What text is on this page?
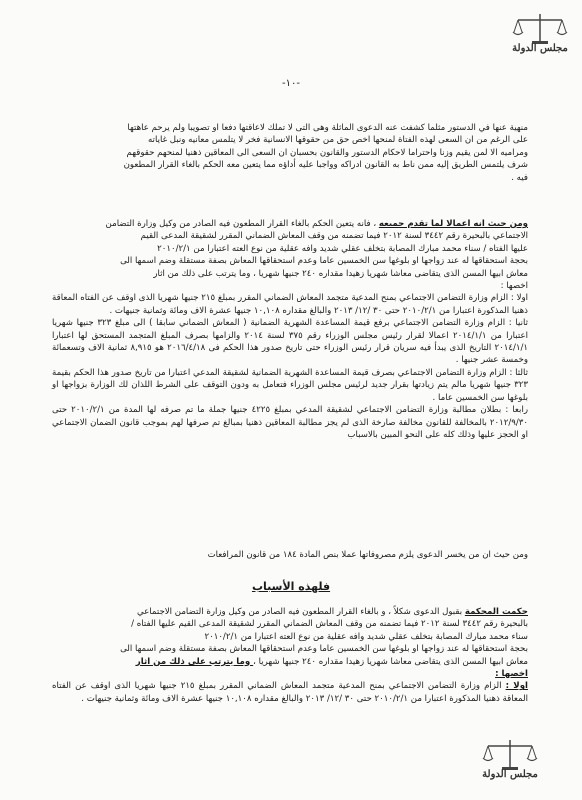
مجلس الدولة
-١٠-

منهية عنها في الدستور مثلما كشفت عنه الدعوى الماثلة وهى التى لا تملك لاعاقتها دفعا او تصويبا ولم يرحم عاهتها

على الرغم من ان السعى لهذه الفتاة لمنحها اخص حق من حقوقها الانسانية فخر لا يتلمس معانيه ونبل غاياته

ومراميه الا لمن يقيم وزنا واحتراما لاحكام الدستور والقانون بحسبان ان السعى الى المعاقين ذهنيا لمنحهم حقوقهم

شرف يلتمس الطريق إليه ممن ناط به القانون ادراكه وواجبا عليه أداؤه مما يتعين معه الحكم بالغاء القرار المطعون

فيه .

ومن حيث انه اعمالا لما تقدم جميعه ، فانه يتعين الحكم بالغاء القرار المطعون فيه الصادر من وكيل وزارة التضامن

الاجتماعي بالبحيرة رقم ٣٤٤٢ لسنة ٢٠١٢ فيما تضمنه من وقف المعاش الضماني المقرر لشقيقة المدعى القيم

عليها الفتاه / سناء محمد مبارك المصابة بتخلف عقلي شديد وافه عقلية من نوع العته اعتبارا من ٢٠١٠/٢/١

بحجة استحقاقها له عند زواجها او بلوغها سن الخمسين عاما وعدم استحقاقها المعاش بصفة مستقلة وضم اسمها الى

معاش ابيها المسن الذى يتقاضى معاشا شهريا زهيدا مقداره ٢٤٠ جنيها شهريا ، وما يترتب على ذلك من اثار

اخصها :

اولا : الزام وزارة التضامن الاجتماعي بمنح المدعية متجمد المعاش الضماني المقرر بمبلغ ٢١٥ جنيها شهريا الذى اوقف عن الفتاه المعاقة ذهنيا المذكورة اعتبارا من ٢٠١٠/٢/١ حتى ٣٠ /١٢/ ٢٠١٣ والبالغ مقداره ١٠,١٠٨ جنيها عشرة الاف ومائة وثمانية جنيهات .

ثانيا : الزام وزارة التضامن الاجتماعي برفع قيمة المساعدة الشهرية الضمانية ( المعاش الضماني سابقا ) الى مبلغ ٣٢٣ جنيها شهريا اعتبارا من ٢٠١٤/١/١ اعمالا لقرار رئيس مجلس الوزراء رقم ٣٧٥ لسنة ٢٠١٤ والزامها بصرف المبلغ المتجمد المستحق لها اعتبارا ٢٠١٤/١/١ التاريخ الذى يبدأ فيه سريان قرار رئيس الوزراء حتى تاريخ صدور هذا الحكم فى ٢٠١٦/٤/١٨ هو ٨,٩١٥ ثمانية الاف وتسعمائة وخمسة عشر جنيها .

ثالثا : الزام وزارة التضامن الاجتماعي بصرف قيمة المساعدة الشهرية الضمانية لشقيقة المدعي اعتبارا من تاريخ صدور هذا الحكم بقيمة ٣٢٣ جنيها شهريا مالم يتم زيادتها بقرار جديد لرئيس مجلس الوزراء فتعامل به ودون التوقف على الشرط اللذان لك الوزارة بزواجها او بلوغها سن الخمسين عاما .

رابعا : بطلان مطالبة وزارة التضامن الاجتماعي لشقيقة المدعي بمبلغ ٤٢٢٥ جنيها جملة ما تم صرفه لها المدة من ٢٠١٠/٢/١ حتى ٢٠١٢/٩/٣٠ بالمخالفة للقانون مخالفة صارخة الذى لم يجز مطالبة المعاقين ذهنيا بمبالغ تم صرفها لهم بموجب قانون الضمان الاجتماعي او الحجز عليها وذلك كله على النحو المبين بالاسباب

ومن حيث ان من يخسر الدعوى يلزم مصروفاتها عملا بنص المادة ١٨٤ من قانون المرافعات

فلهذه الأسباب

حكمت المحكمة بقبول الدعوى شكلاً ، و بالغاء القرار المطعون فيه الصادر من وكيل وزارة التضامن الاجتماعي

بالبحيرة رقم ٣٤٤٢ لسنة ٢٠١٢ فيما تضمنه من وقف المعاش الضماني المقرر لشقيقة المدعى القيم عليها الفتاه /

سناء محمد مبارك المصابة بتخلف عقلي شديد وافه عقلية من نوع العته اعتبارا من ٢٠١٠/٢/١

بحجة استحقاقها له عند زواجها او بلوغها سن الخمسين عاما وعدم استحقاقها المعاش بصفة مستقلة وضم اسمها الى

معاش ابيها المسن الذى يتقاضى معاشا شهريا زهيدا مقداره ٢٤٠ جنيها شهريا ، وما يترتب على ذلك من اثار

اخصها :

اولا : الزام وزارة التضامن الاجتماعي بمنح المدعية متجمد المعاش الضماني المقرر بمبلغ ٢١٥ جنيها شهريا الذى اوقف عن الفتاه المعاقة ذهنيا المذكورة اعتبارا من ٢٠١٠/٢/١ حتى ٣٠ /١٢/ ٢٠١٣ والبالغ مقداره ١٠,١٠٨ جنيها عشرة الاف ومائة وثمانية جنيهات .

مجلس الدولة
